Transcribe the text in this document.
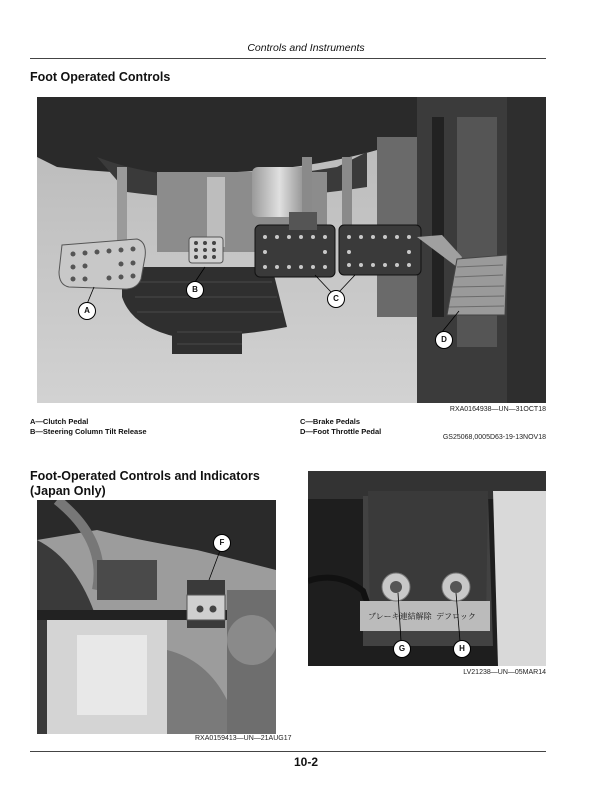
Controls and Instruments
Foot Operated Controls
A
B
C
D
RXA0164938—UN—31OCT18
A—Clutch Pedal
B—Steering Column Tilt Release
C—Brake Pedals
D—Foot Throttle Pedal
GS25068,0005D63-19-13NOV18
Foot-Operated Controls and Indicators
(Japan Only)
F
RXA0159413—UN—21AUG17
ブレーキ連結解除 デフロック
G	H
LV21238—UN—05MAR14
10-2
